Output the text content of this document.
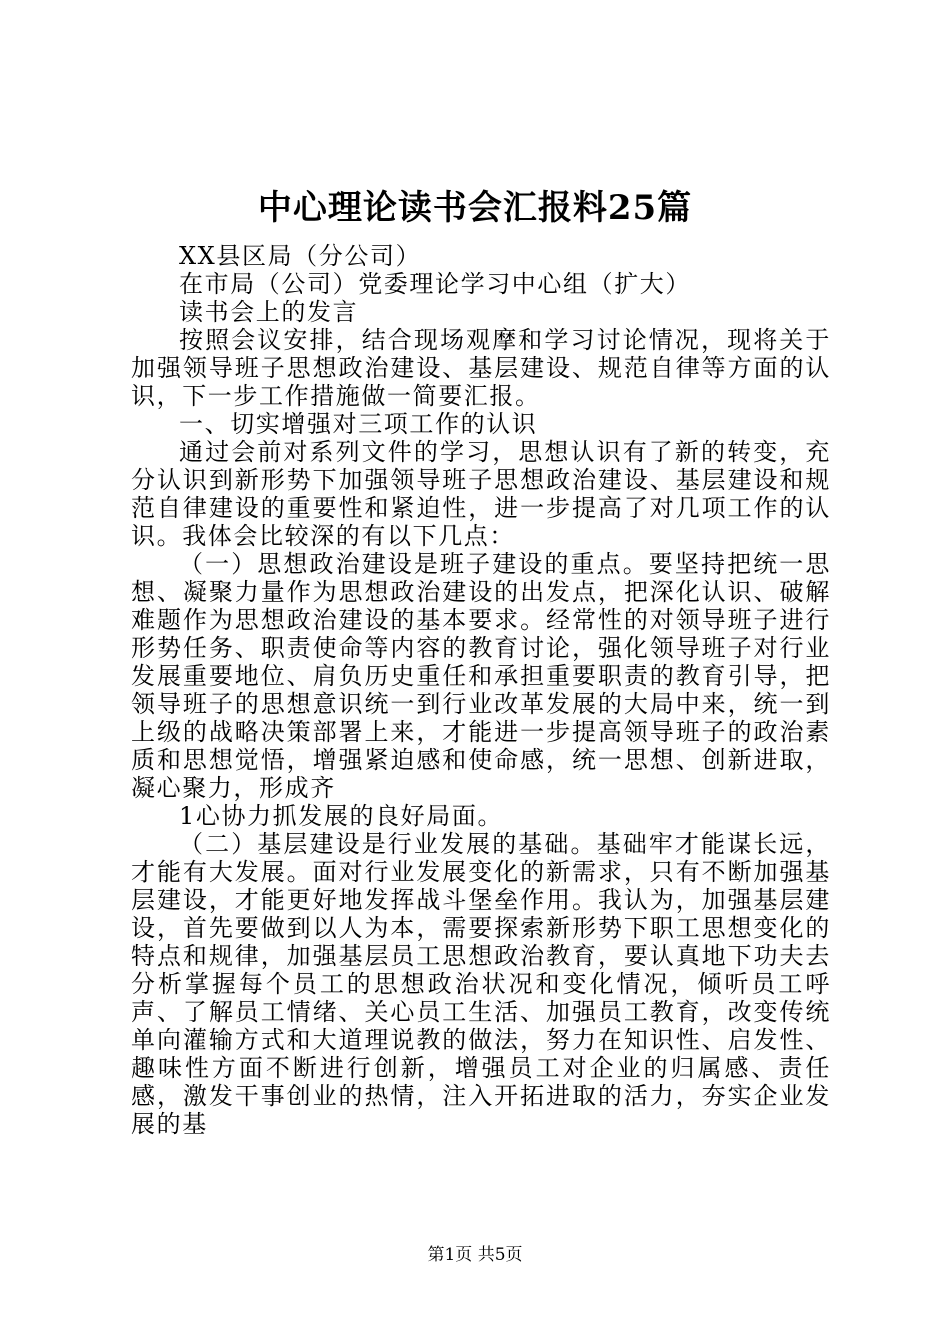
中心理论读书会汇报料25篇

XX县区局（分公司）

在市局（公司）党委理论学习中心组（扩大）

读书会上的发言

按照会议安排，结合现场观摩和学习讨论情况，现将关于加强领导班子思想政治建设、基层建设、规范自律等方面的认识，下一步工作措施做一简要汇报。

一、切实增强对三项工作的认识

通过会前对系列文件的学习，思想认识有了新的转变，充分认识到新形势下加强领导班子思想政治建设、基层建设和规范自律建设的重要性和紧迫性，进一步提高了对几项工作的认识。我体会比较深的有以下几点：

（一）思想政治建设是班子建设的重点。要坚持把统一思想、凝聚力量作为思想政治建设的出发点，把深化认识、破解难题作为思想政治建设的基本要求。经常性的对领导班子进行形势任务、职责使命等内容的教育讨论，强化领导班子对行业发展重要地位、肩负历史重任和承担重要职责的教育引导，把领导班子的思想意识统一到行业改革发展的大局中来，统一到上级的战略决策部署上来，才能进一步提高领导班子的政治素质和思想觉悟，增强紧迫感和使命感，统一思想、创新进取，凝心聚力，形成齐

1心协力抓发展的良好局面。

（二）基层建设是行业发展的基础。基础牢才能谋长远，才能有大发展。面对行业发展变化的新需求，只有不断加强基层建设，才能更好地发挥战斗堡垒作用。我认为，加强基层建设，首先要做到以人为本，需要探索新形势下职工思想变化的特点和规律，加强基层员工思想政治教育，要认真地下功夫去分析掌握每个员工的思想政治状况和变化情况，倾听员工呼声、了解员工情绪、关心员工生活、加强员工教育，改变传统单向灌输方式和大道理说教的做法，努力在知识性、启发性、趣味性方面不断进行创新，增强员工对企业的归属感、责任感，激发干事创业的热情，注入开拓进取的活力，夯实企业发展的基

第1页 共5页
